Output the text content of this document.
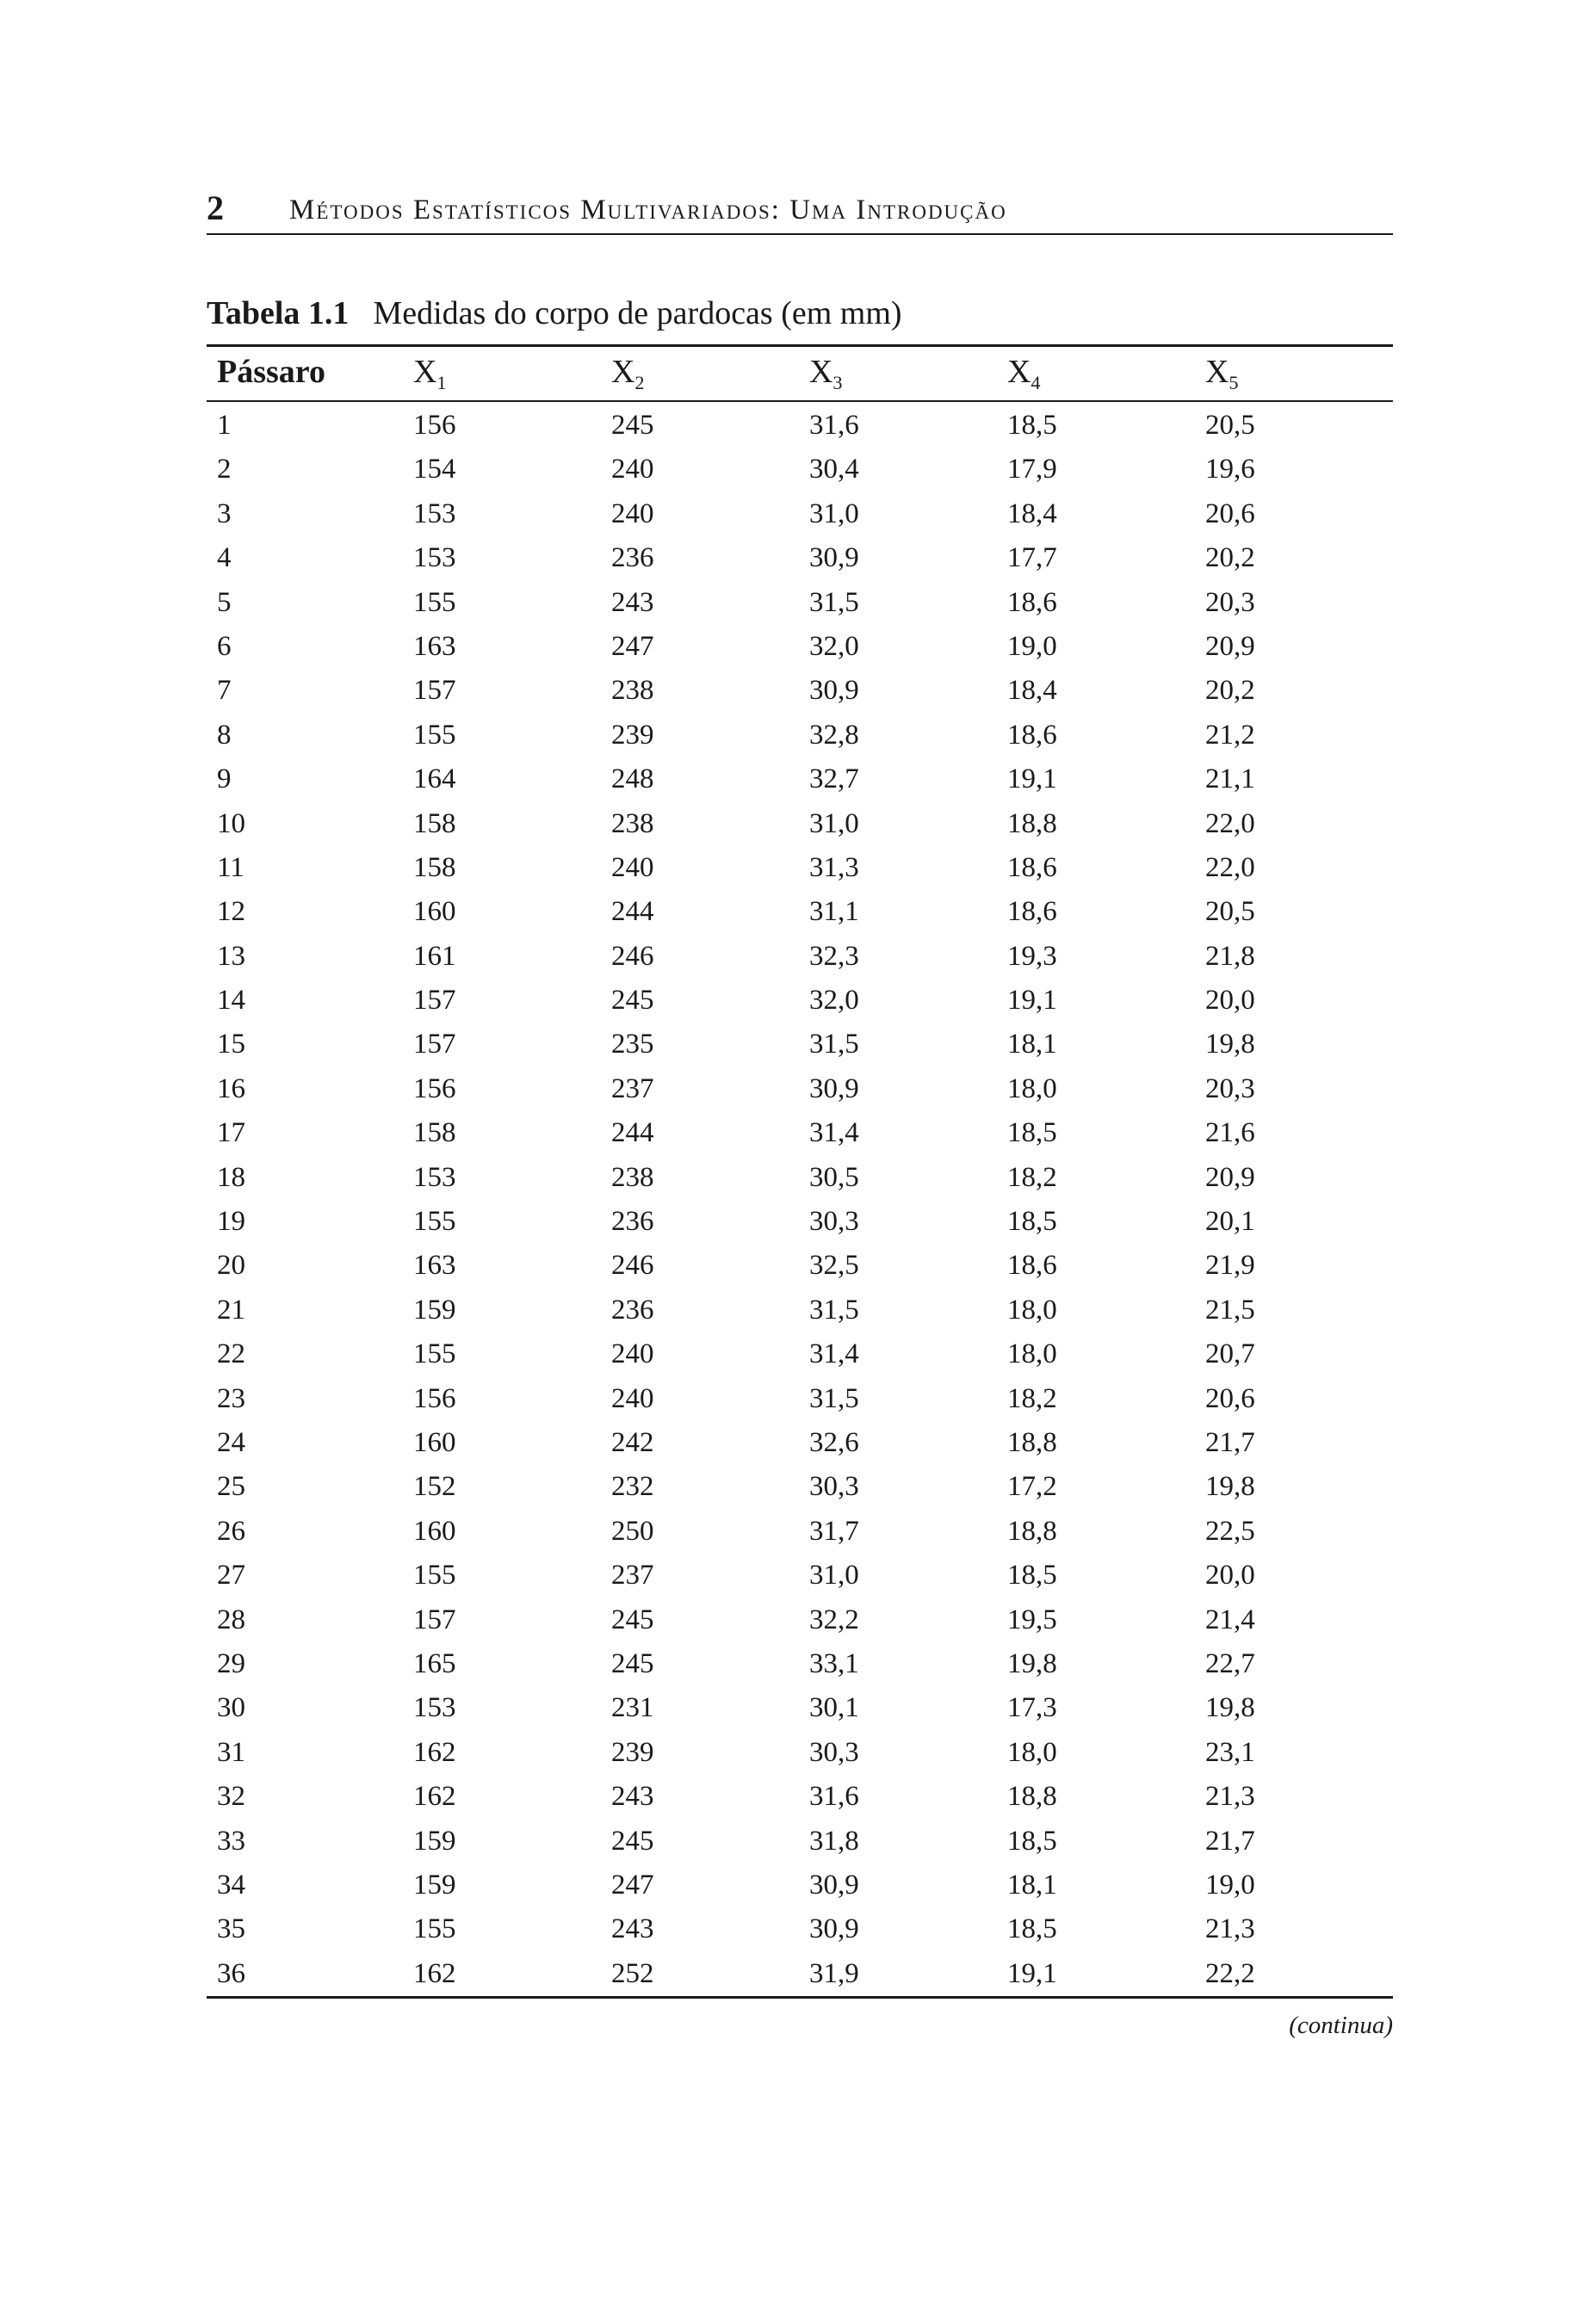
2 Métodos Estatísticos Multivariados: Uma Introdução
Tabela 1.1 Medidas do corpo de pardocas (em mm)
Pássaro	$X_1$	$X_2$	$X_3$	$X_4$	$X_5$
1	156	245	31,6	18,5	20,5
2	154	240	30,4	17,9	19,6
3	153	240	31,0	18,4	20,6
4	153	236	30,9	17,7	20,2
5	155	243	31,5	18,6	20,3
6	163	247	32,0	19,0	20,9
7	157	238	30,9	18,4	20,2
8	155	239	32,8	18,6	21,2
9	164	248	32,7	19,1	21,1
10	158	238	31,0	18,8	22,0
11	158	240	31,3	18,6	22,0
12	160	244	31,1	18,6	20,5
13	161	246	32,3	19,3	21,8
14	157	245	32,0	19,1	20,0
15	157	235	31,5	18,1	19,8
16	156	237	30,9	18,0	20,3
17	158	244	31,4	18,5	21,6
18	153	238	30,5	18,2	20,9
19	155	236	30,3	18,5	20,1
20	163	246	32,5	18,6	21,9
21	159	236	31,5	18,0	21,5
22	155	240	31,4	18,0	20,7
23	156	240	31,5	18,2	20,6
24	160	242	32,6	18,8	21,7
25	152	232	30,3	17,2	19,8
26	160	250	31,7	18,8	22,5
27	155	237	31,0	18,5	20,0
28	157	245	32,2	19,5	21,4
29	165	245	33,1	19,8	22,7
30	153	231	30,1	17,3	19,8
31	162	239	30,3	18,0	23,1
32	162	243	31,6	18,8	21,3
33	159	245	31,8	18,5	21,7
34	159	247	30,9	18,1	19,0
35	155	243	30,9	18,5	21,3
36	162	252	31,9	19,1	22,2
(continua)
